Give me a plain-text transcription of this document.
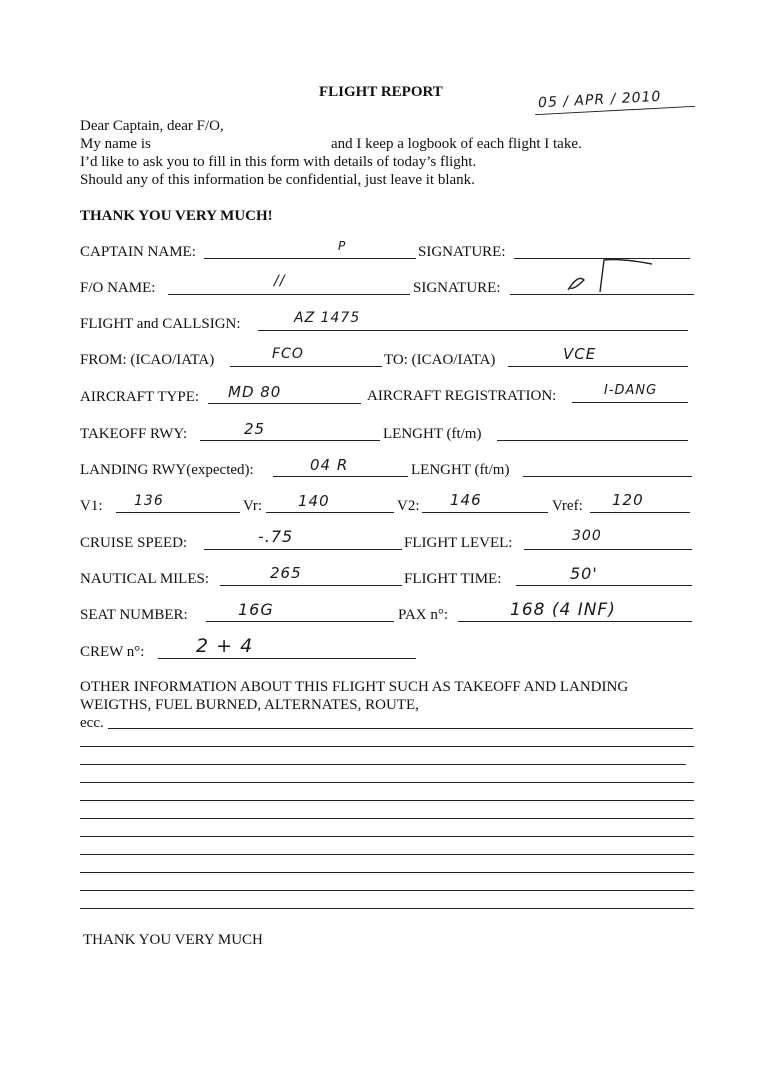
FLIGHT REPORT	05 / APR / 2010
Dear Captain, dear F/O,
My name is	and I keep a logbook of each flight I take.
I’d like to ask you to fill in this form with details of today’s flight.
Should any of this information be confidential, just leave it blank.
THANK YOU VERY MUCH!
CAPTAIN NAME:	P	SIGNATURE:
F/O NAME:	//	SIGNATURE:
FLIGHT and CALLSIGN:	AZ 1475
FROM: (ICAO/IATA)	FCO	TO: (ICAO/IATA)	VCE
AIRCRAFT TYPE: MD 80	AIRCRAFT REGISTRATION:	I-DANG
TAKEOFF RWY:	25	LENGHT (ft/m)
LANDING RWY(expected):	04 R	LENGHT (ft/m)
V1: 136	Vr: 140	V2: 146	Vref: 120
CRUISE SPEED:	-.75	FLIGHT LEVEL:	300
NAUTICAL MILES:	265	FLIGHT TIME:	50'
SEAT NUMBER:	16G	PAX n°:	168 (4 INF)
CREW n°:	2 + 4
OTHER INFORMATION ABOUT THIS FLIGHT SUCH AS TAKEOFF AND LANDING
WEIGTHS, FUEL BURNED, ALTERNATES, ROUTE,
ecc.
THANK YOU VERY MUCH
